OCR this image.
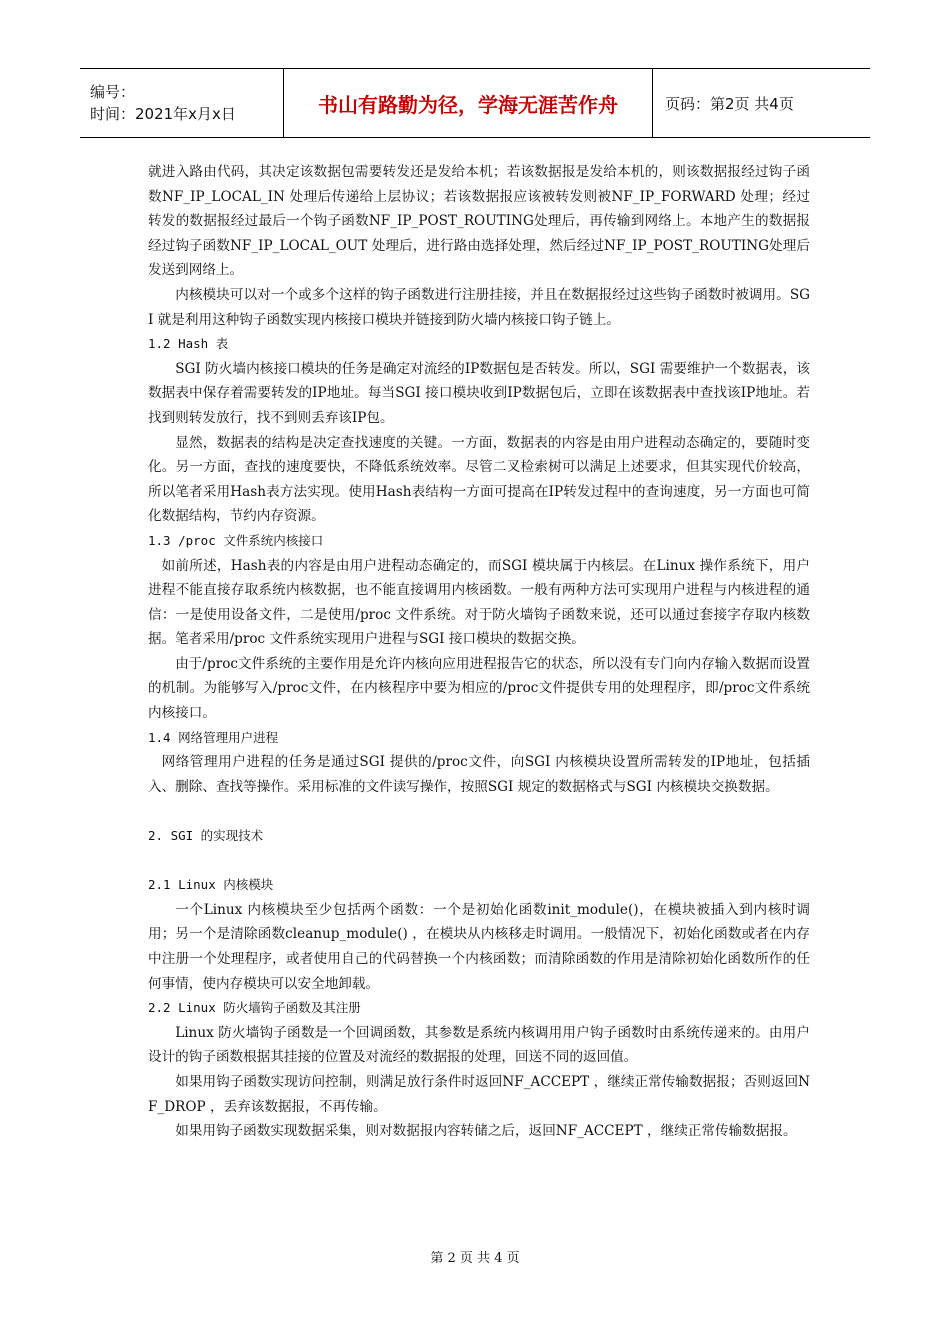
编号：
时间：2021年x月x日	书山有路勤为径，学海无涯苦作舟	页码：第2页 共4页

就进入路由代码，其决定该数据包需要转发还是发给本机；若该数据报是发给本机的，则该数据报经过钩子函数NF_IP_LOCAL_IN 处理后传递给上层协议；若该数据报应该被转发则被NF_IP_FORWARD 处理；经过转发的数据报经过最后一个钩子函数NF_IP_POST_ROUTING处理后，再传输到网络上。本地产生的数据报经过钩子函数NF_IP_LOCAL_OUT 处理后，进行路由选择处理，然后经过NF_IP_POST_ROUTING处理后发送到网络上。

内核模块可以对一个或多个这样的钩子函数进行注册挂接，并且在数据报经过这些钩子函数时被调用。SGI 就是利用这种钩子函数实现内核接口模块并链接到防火墙内核接口钩子链上。

1.2 Hash 表

SGI 防火墙内核接口模块的任务是确定对流经的IP数据包是否转发。所以，SGI 需要维护一个数据表，该数据表中保存着需要转发的IP地址。每当SGI 接口模块收到IP数据包后，立即在该数据表中查找该IP地址。若找到则转发放行，找不到则丢弃该IP包。

显然，数据表的结构是决定查找速度的关键。一方面，数据表的内容是由用户进程动态确定的，要随时变化。另一方面，查找的速度要快，不降低系统效率。尽管二叉检索树可以满足上述要求，但其实现代价较高，所以笔者采用Hash表方法实现。使用Hash表结构一方面可提高在IP转发过程中的查询速度，另一方面也可简化数据结构，节约内存资源。

1.3 /proc 文件系统内核接口

如前所述，Hash表的内容是由用户进程动态确定的，而SGI 模块属于内核层。在Linux 操作系统下，用户进程不能直接存取系统内核数据，也不能直接调用内核函数。一般有两种方法可实现用户进程与内核进程的通信：一是使用设备文件，二是使用/proc 文件系统。对于防火墙钩子函数来说，还可以通过套接字存取内核数据。笔者采用/proc 文件系统实现用户进程与SGI 接口模块的数据交换。

由于/proc文件系统的主要作用是允许内核向应用进程报告它的状态，所以没有专门向内存输入数据而设置的机制。为能够写入/proc文件，在内核程序中要为相应的/proc文件提供专用的处理程序，即/proc文件系统内核接口。

1.4 网络管理用户进程

网络管理用户进程的任务是通过SGI 提供的/proc文件，向SGI 内核模块设置所需转发的IP地址，包括插入、删除、查找等操作。采用标准的文件读写操作，按照SGI 规定的数据格式与SGI 内核模块交换数据。

2. SGI 的实现技术

2.1 Linux 内核模块

一个Linux 内核模块至少包括两个函数：一个是初始化函数init_module()，在模块被插入到内核时调用；另一个是清除函数cleanup_module() ，在模块从内核移走时调用。一般情况下，初始化函数或者在内存中注册一个处理程序，或者使用自己的代码替换一个内核函数；而清除函数的作用是清除初始化函数所作的任何事情，使内存模块可以安全地卸载。

2.2 Linux 防火墙钩子函数及其注册

Linux 防火墙钩子函数是一个回调函数，其参数是系统内核调用用户钩子函数时由系统传递来的。由用户设计的钩子函数根据其挂接的位置及对流经的数据报的处理，回送不同的返回值。

如果用钩子函数实现访问控制，则满足放行条件时返回NF_ACCEPT ，继续正常传输数据报；否则返回NF_DROP ，丢弃该数据报，不再传输。

如果用钩子函数实现数据采集，则对数据报内容转储之后，返回NF_ACCEPT ，继续正常传输数据报。

第 2 页 共 4 页
